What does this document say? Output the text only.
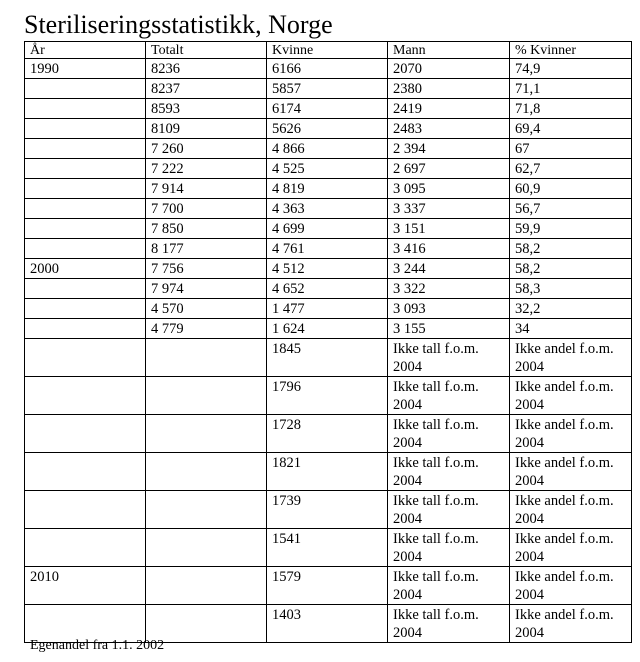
Steriliseringsstatistikk, Norge
År	Totalt	Kvinne	Mann	% Kvinner
1990	8236	6166	2070	74,9
	8237	5857	2380	71,1
	8593	6174	2419	71,8
	8109	5626	2483	69,4
	7 260	4 866	2 394	67
	7 222	4 525	2 697	62,7
	7 914	4 819	3 095	60,9
	7 700	4 363	3 337	56,7
	7 850	4 699	3 151	59,9
	8 177	4 761	3 416	58,2
2000	7 756	4 512	3 244	58,2
	7 974	4 652	3 322	58,3
	4 570	1 477	3 093	32,2
	4 779	1 624	3 155	34
		1845	Ikke tall f.o.m. 2004	Ikke andel f.o.m. 2004
		1796	Ikke tall f.o.m. 2004	Ikke andel f.o.m. 2004
		1728	Ikke tall f.o.m. 2004	Ikke andel f.o.m. 2004
		1821	Ikke tall f.o.m. 2004	Ikke andel f.o.m. 2004
		1739	Ikke tall f.o.m. 2004	Ikke andel f.o.m. 2004
		1541	Ikke tall f.o.m. 2004	Ikke andel f.o.m. 2004
2010		1579	Ikke tall f.o.m. 2004	Ikke andel f.o.m. 2004
		1403	Ikke tall f.o.m. 2004	Ikke andel f.o.m. 2004
Egenandel fra 1.1. 2002
